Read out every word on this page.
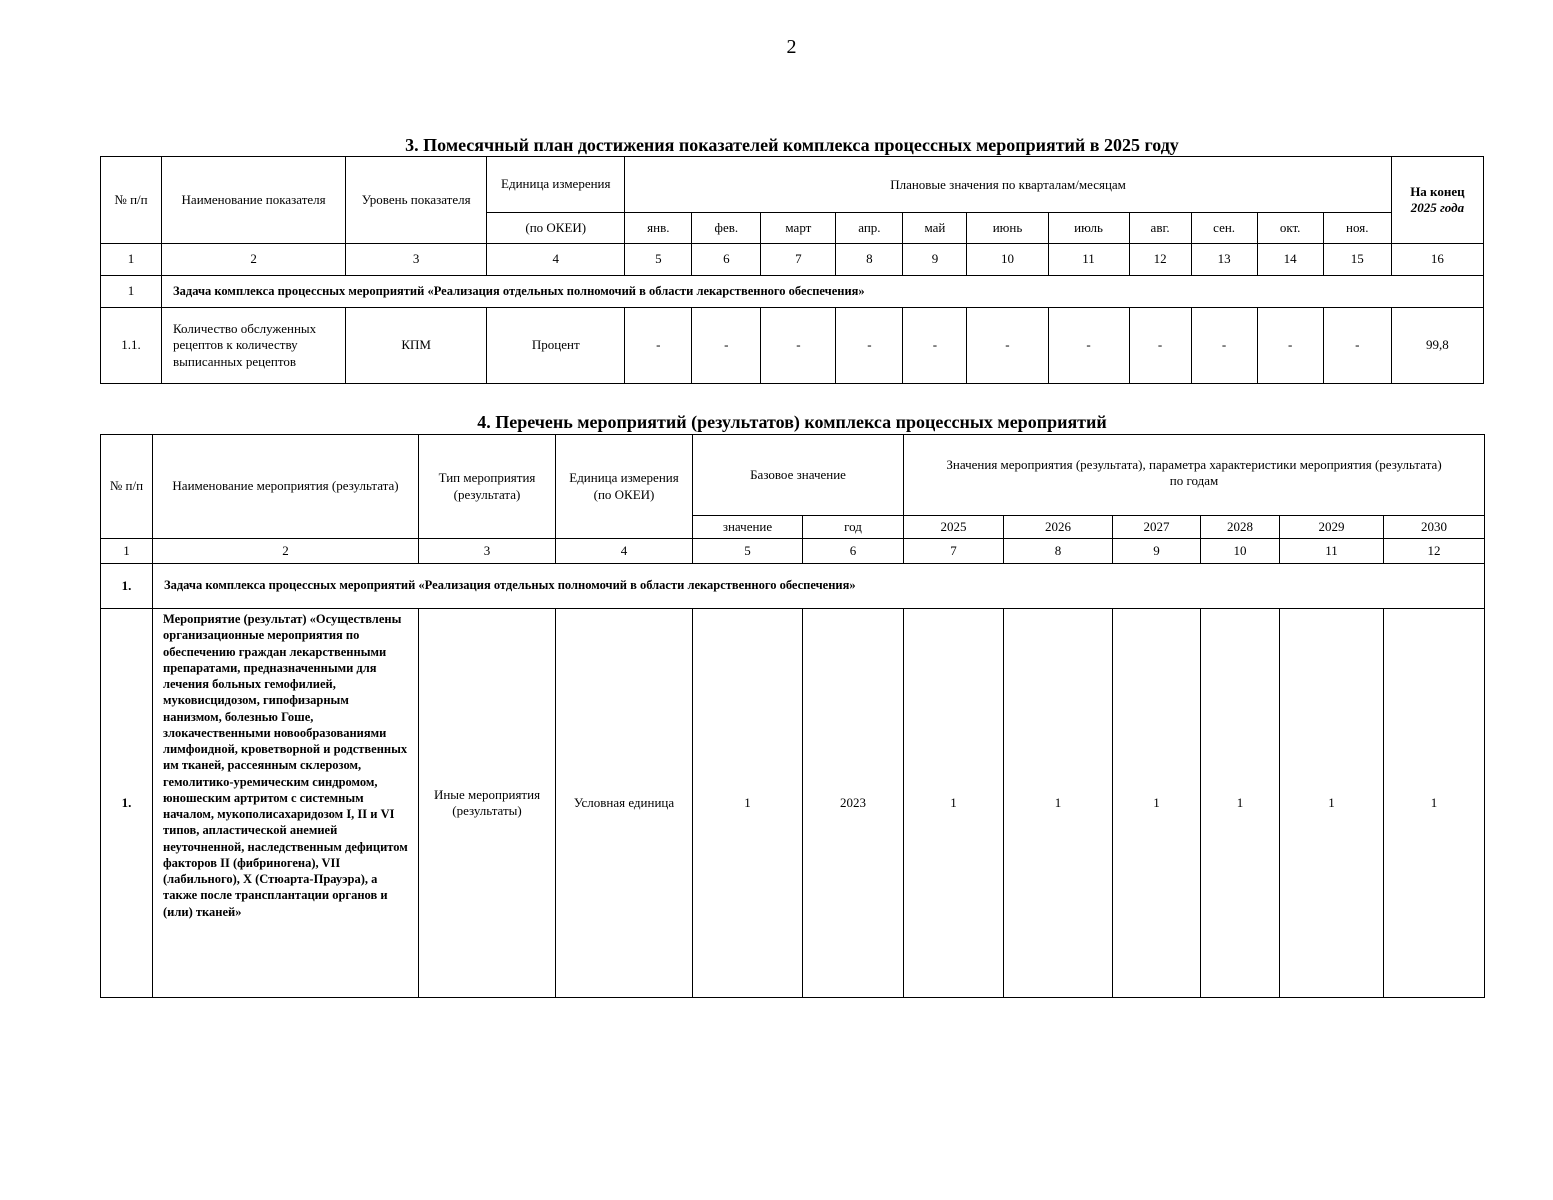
2
3. Помесячный план достижения показателей комплекса процессных мероприятий в 2025 году
№ п/п	Наименование показателя	Уровень показателя	Единица измерения	Плановые значения по кварталам/месяцам											На конец
2025 года
			(по ОКЕИ)	янв.	фев.	март	апр.	май	июнь	июль	авг.	сен.	окт.	ноя.	
1	2	3	4	5	6	7	8	9	10	11	12	13	14	15	16
1	Задача комплекса процессных мероприятий «Реализация отдельных полномочий в области лекарственного обеспечения»														
1.1.	Количество обслуженных рецептов к количеству выписанных рецептов	КПМ	Процент	-	-	-	-	-	-	-	-	-	-	-	99,8
4. Перечень мероприятий (результатов) комплекса процессных мероприятий
№ п/п	Наименование мероприятия (результата)	Тип мероприятия (результата)	Единица измерения (по ОКЕИ)	Базовое значение		Значения мероприятия (результата), параметра характеристики мероприятия (результата) по годам					
				значение	год	2025	2026	2027	2028	2029	2030
1	2	3	4	5	6	7	8	9	10	11	12
1.	Задача комплекса процессных мероприятий «Реализация отдельных полномочий в области лекарственного обеспечения»										
1.	Мероприятие (результат) «Осуществлены организационные мероприятия по обеспечению граждан лекарственными препаратами, предназначенными для лечения больных гемофилией, муковисцидозом, гипофизарным нанизмом, болезнью Гоше, злокачественными новообразованиями лимфоидной, кроветворной и родственных им тканей, рассеянным склерозом, гемолитико-уремическим синдромом, юношеским артритом с системным началом, мукополисахаридозом I, II и VI типов, апластической анемией неуточненной, наследственным дефицитом факторов II (фибриногена), VII (лабильного), X (Стюарта-Прауэра), а также после трансплантации органов и (или) тканей»	Иные мероприятия (результаты)	Условная единица	1	2023	1	1	1	1	1	1
